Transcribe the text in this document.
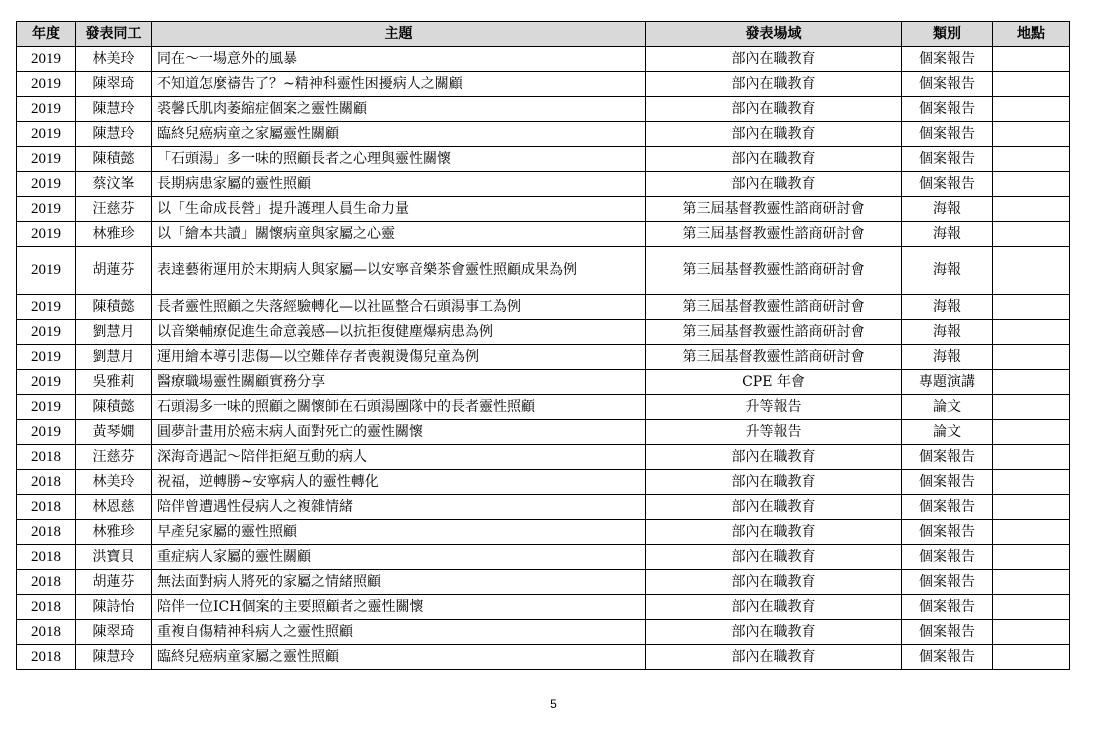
年度	發表同工	主題	發表場域	類別	地點
2019	林美玲	同在～一場意外的風暴	部內在職教育	個案報告	
2019	陳翠琦	不知道怎麼禱告了？~精神科靈性困擾病人之關顧	部內在職教育	個案報告	
2019	陳慧玲	裘馨氏肌肉萎縮症個案之靈性關顧	部內在職教育	個案報告	
2019	陳慧玲	臨終兒癌病童之家屬靈性關顧	部內在職教育	個案報告	
2019	陳積懿	「石頭湯」多一味的照顧長者之心理與靈性關懷	部內在職教育	個案報告	
2019	蔡汶峯	長期病患家屬的靈性照顧	部內在職教育	個案報告	
2019	汪慈芬	以「生命成長營」提升護理人員生命力量	第三屆基督教靈性諮商研討會	海報	
2019	林雅珍	以「繪本共讀」關懷病童與家屬之心靈	第三屆基督教靈性諮商研討會	海報	
2019	胡蓮芬	表達藝術運用於末期病人與家屬—以安寧音樂茶會靈性照顧成果為例	第三屆基督教靈性諮商研討會	海報	
2019	陳積懿	長者靈性照顧之失落經驗轉化—以社區整合石頭湯事工為例	第三屆基督教靈性諮商研討會	海報	
2019	劉慧月	以音樂輔療促進生命意義感—以抗拒復健塵爆病患為例	第三屆基督教靈性諮商研討會	海報	
2019	劉慧月	運用繪本導引悲傷—以空難倖存者喪親燙傷兒童為例	第三屆基督教靈性諮商研討會	海報	
2019	吳雅莉	醫療職場靈性關顧實務分享	CPE 年會	專題演講	
2019	陳積懿	石頭湯多一味的照顧之關懷師在石頭湯團隊中的長者靈性照顧	升等報告	論文	
2019	黃琴嫺	圓夢計畫用於癌末病人面對死亡的靈性關懷	升等報告	論文	
2018	汪慈芬	深海奇遇記～陪伴拒絕互動的病人	部內在職教育	個案報告	
2018	林美玲	祝福，逆轉勝~安寧病人的靈性轉化	部內在職教育	個案報告	
2018	林恩慈	陪伴曾遭遇性侵病人之複雜情緒	部內在職教育	個案報告	
2018	林雅珍	早產兒家屬的靈性照顧	部內在職教育	個案報告	
2018	洪寶貝	重症病人家屬的靈性關顧	部內在職教育	個案報告	
2018	胡蓮芬	無法面對病人將死的家屬之情緒照顧	部內在職教育	個案報告	
2018	陳詩怡	陪伴一位ICH個案的主要照顧者之靈性關懷	部內在職教育	個案報告	
2018	陳翠琦	重複自傷精神科病人之靈性照顧	部內在職教育	個案報告	
2018	陳慧玲	臨終兒癌病童家屬之靈性照顧	部內在職教育	個案報告	
5
